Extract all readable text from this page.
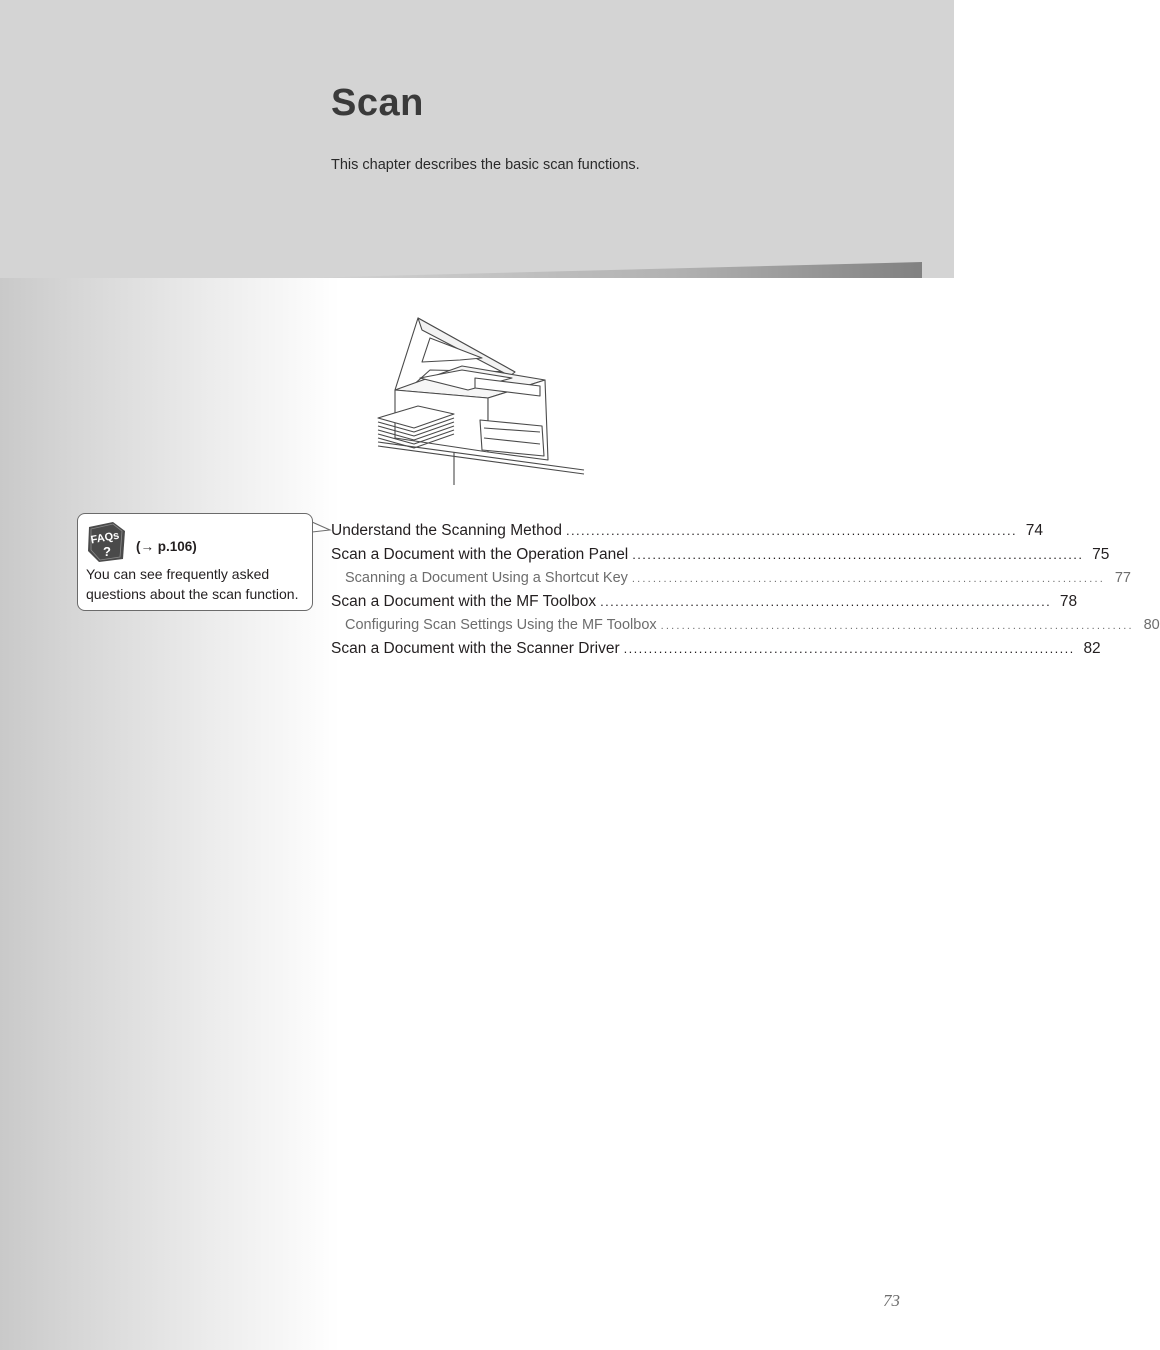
Scan

This chapter describes the basic scan functions.

FAQs
? (→ p.106)

You can see frequently asked questions about the scan function.

Understand the Scanning Method .......................................................................................... 74
Scan a Document with the Operation Panel .......................................................................................... 75
Scanning a Document Using a Shortcut Key .......................................................................................... 77
Scan a Document with the MF Toolbox .......................................................................................... 78
Configuring Scan Settings Using the MF Toolbox .......................................................................................... 80
Scan a Document with the Scanner Driver .......................................................................................... 82
73
